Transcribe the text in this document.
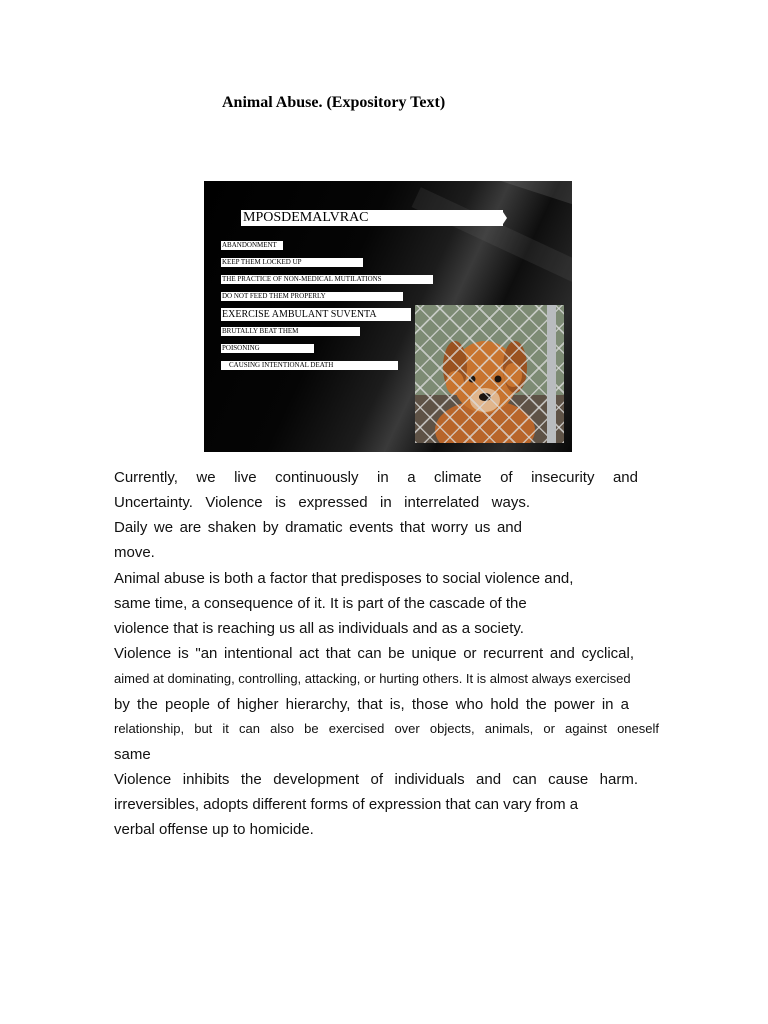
Animal Abuse. (Expository Text)
MPOSDEMALVRAC
ABANDONMENT
KEEP THEM LOCKED UP
THE PRACTICE OF NON-MEDICAL MUTILATIONS
DO NOT FEED THEM PROPERLY
EXERCISE AMBULANT SUVENTA
BRUTALLY BEAT THEM
POISONING
CAUSING INTENTIONAL DEATH
Currently, we live continuously in a climate of insecurity and
Uncertainty. Violence is expressed in interrelated ways.
Daily we are shaken by dramatic events that worry us and
move.
Animal abuse is both a factor that predisposes to social violence and,
same time, a consequence of it. It is part of the cascade of the
violence that is reaching us all as individuals and as a society.
Violence is "an intentional act that can be unique or recurrent and cyclical,
aimed at dominating, controlling, attacking, or hurting others. It is almost always exercised
by the people of higher hierarchy, that is, those who hold the power in a
relationship, but it can also be exercised over objects, animals, or against oneself
same
Violence inhibits the development of individuals and can cause harm.
irreversibles, adopts different forms of expression that can vary from a
verbal offense up to homicide.
